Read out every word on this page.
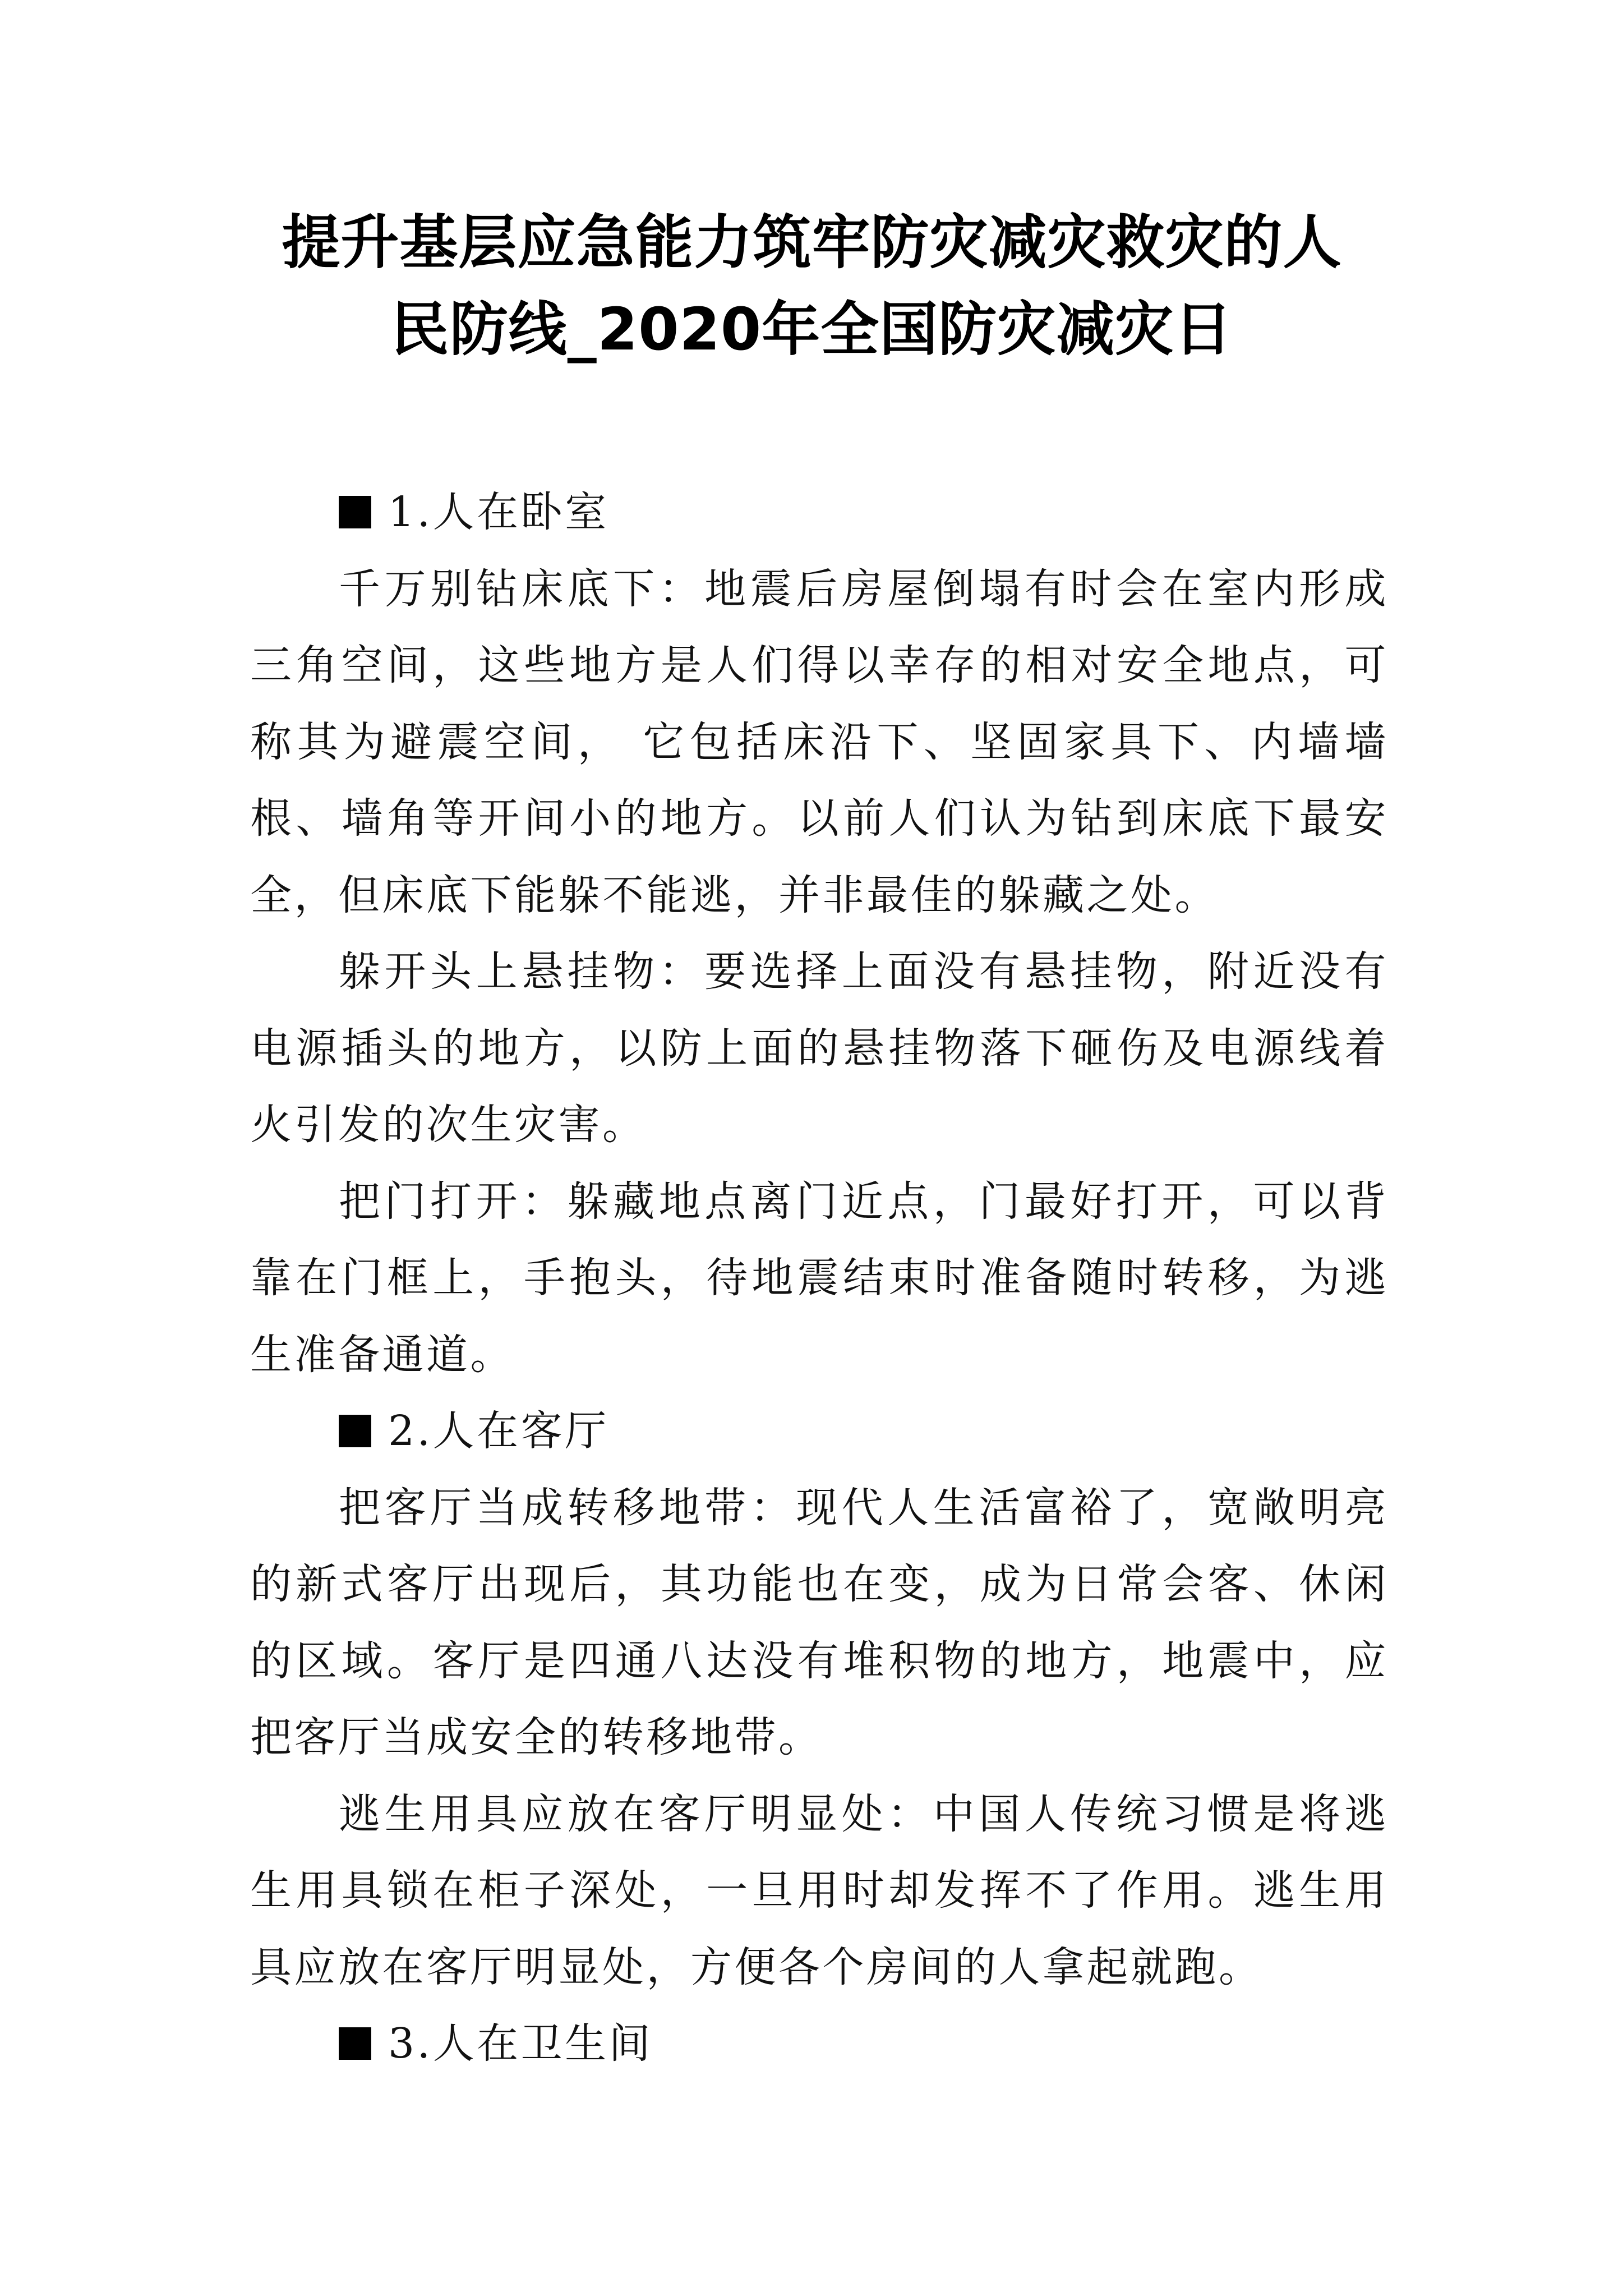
提升基层应急能力筑牢防灾减灾救灾的人
民防线_2020年全国防灾减灾日

1.人在卧室

千万别钻床底下：地震后房屋倒塌有时会在室内形成三角空间，这些地方是人们得以幸存的相对安全地点，可称其为避震空间， 它包括床沿下、坚固家具下、内墙墙根、墙角等开间小的地方。以前人们认为钻到床底下最安全，但床底下能躲不能逃，并非最佳的躲藏之处。

躲开头上悬挂物：要选择上面没有悬挂物，附近没有电源插头的地方，以防上面的悬挂物落下砸伤及电源线着火引发的次生灾害。

把门打开：躲藏地点离门近点，门最好打开，可以背靠在门框上，手抱头，待地震结束时准备随时转移，为逃生准备通道。

2.人在客厅

把客厅当成转移地带：现代人生活富裕了，宽敞明亮的新式客厅出现后，其功能也在变，成为日常会客、休闲的区域。客厅是四通八达没有堆积物的地方，地震中，应把客厅当成安全的转移地带。

逃生用具应放在客厅明显处：中国人传统习惯是将逃生用具锁在柜子深处，一旦用时却发挥不了作用。逃生用具应放在客厅明显处，方便各个房间的人拿起就跑。

3.人在卫生间
